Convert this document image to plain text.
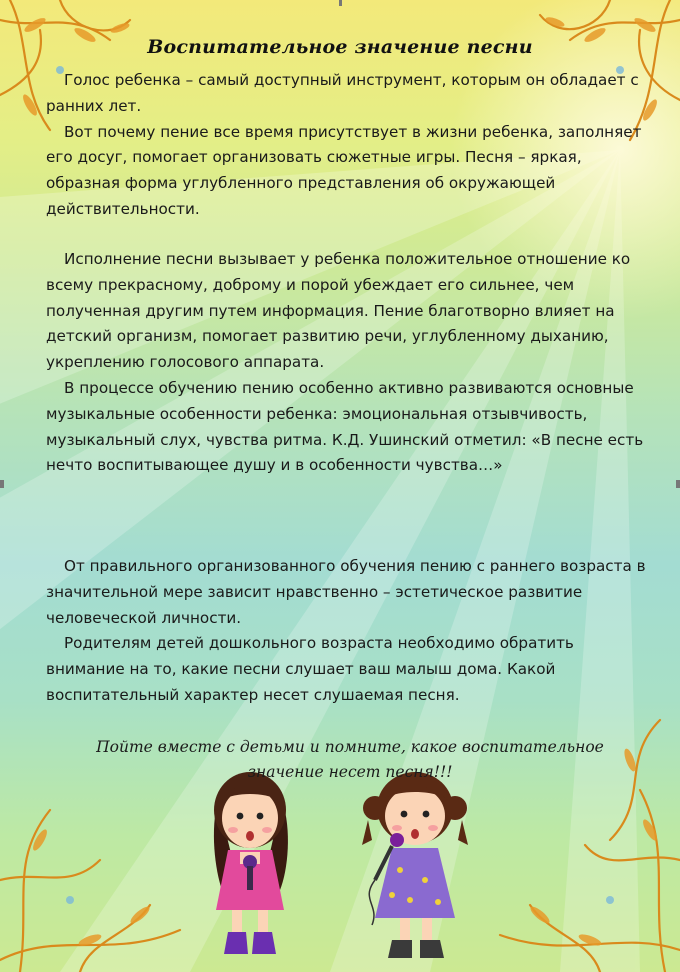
Воспитательное значение песни

Голос ребенка – самый доступный инструмент, которым он обладает с ранних лет.

Вот почему пение все время присутствует в жизни ребенка, заполняет его досуг, помогает организовать сюжетные игры. Песня – яркая, образная форма углубленного представления об окружающей действительности.

Исполнение песни вызывает у ребенка положительное отношение ко всему прекрасному, доброму и порой убеждает его сильнее, чем полученная другим путем информация. Пение благотворно влияет на детский организм, помогает развитию речи, углубленному дыханию, укреплению голосового аппарата.

В процессе обучению пению особенно активно развиваются основные музыкальные особенности ребенка: эмоциональная отзывчивость, музыкальный слух, чувства ритма. К.Д. Ушинский отметил: «В песне есть нечто воспитывающее душу и в особенности чувства…»

От правильного организованного обучения пению с раннего возраста в значительной мере зависит нравственно – эстетическое развитие человеческой личности.

Родителям детей дошкольного возраста необходимо обратить внимание на то, какие песни слушает ваш малыш дома. Какой воспитательный характер несет слушаемая песня.

Пойте вместе с детьми и помните, какое воспитательное значение несет песня!!!
